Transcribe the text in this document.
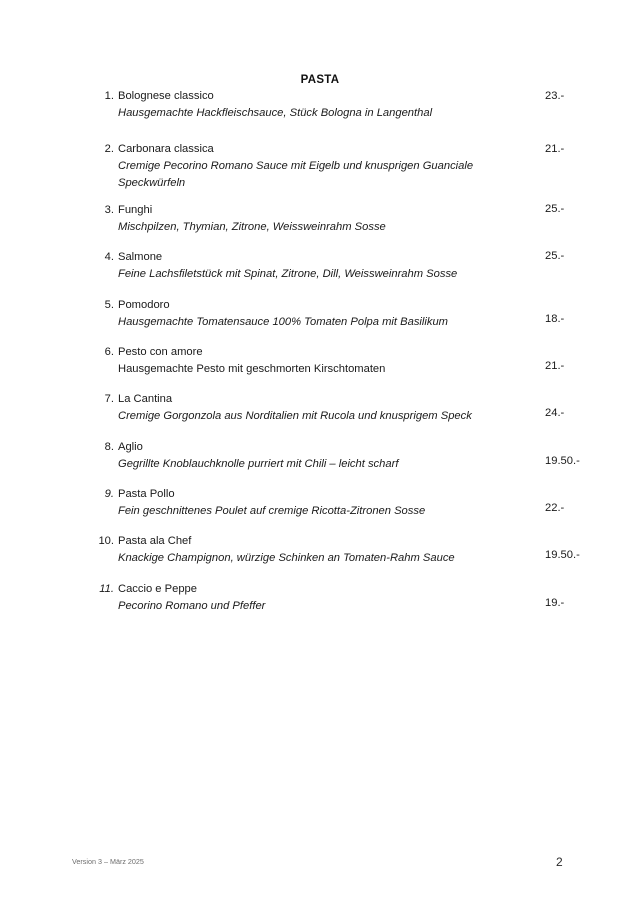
PASTA
1. Bolognese classico
Hausgemachte Hackfleischsauce, Stück Bologna in Langenthal
23.-
2. Carbonara classica
Cremige Pecorino Romano Sauce mit Eigelb und knusprigen Guanciale Speckwürfeln
21.-
3. Funghi
Mischpilzen, Thymian, Zitrone, Weissweinrahm Sosse
25.-
4. Salmone
Feine Lachsfiletstück mit Spinat, Zitrone, Dill, Weissweinrahm Sosse
25.-
5. Pomodoro
Hausgemachte Tomatensauce 100% Tomaten Polpa mit Basilikum	18.-
6. Pesto con amore
Hausgemachte Pesto mit geschmorten Kirschtomaten	21.-
7. La Cantina
Cremige Gorgonzola aus Norditalien mit Rucola und knusprigem Speck	24.-
8. Aglio
Gegrillte Knoblauchknolle purriert mit Chili – leicht scharf	19.50.-
9. Pasta Pollo
Fein geschnittenes Poulet auf cremige Ricotta-Zitronen Sosse	22.-
10. Pasta ala Chef
Knackige Champignon, würzige Schinken an Tomaten-Rahm Sauce	19.50.-
11. Caccio e Peppe
Pecorino Romano und Pfeffer	19.-
Version 3 – März 2025	2
